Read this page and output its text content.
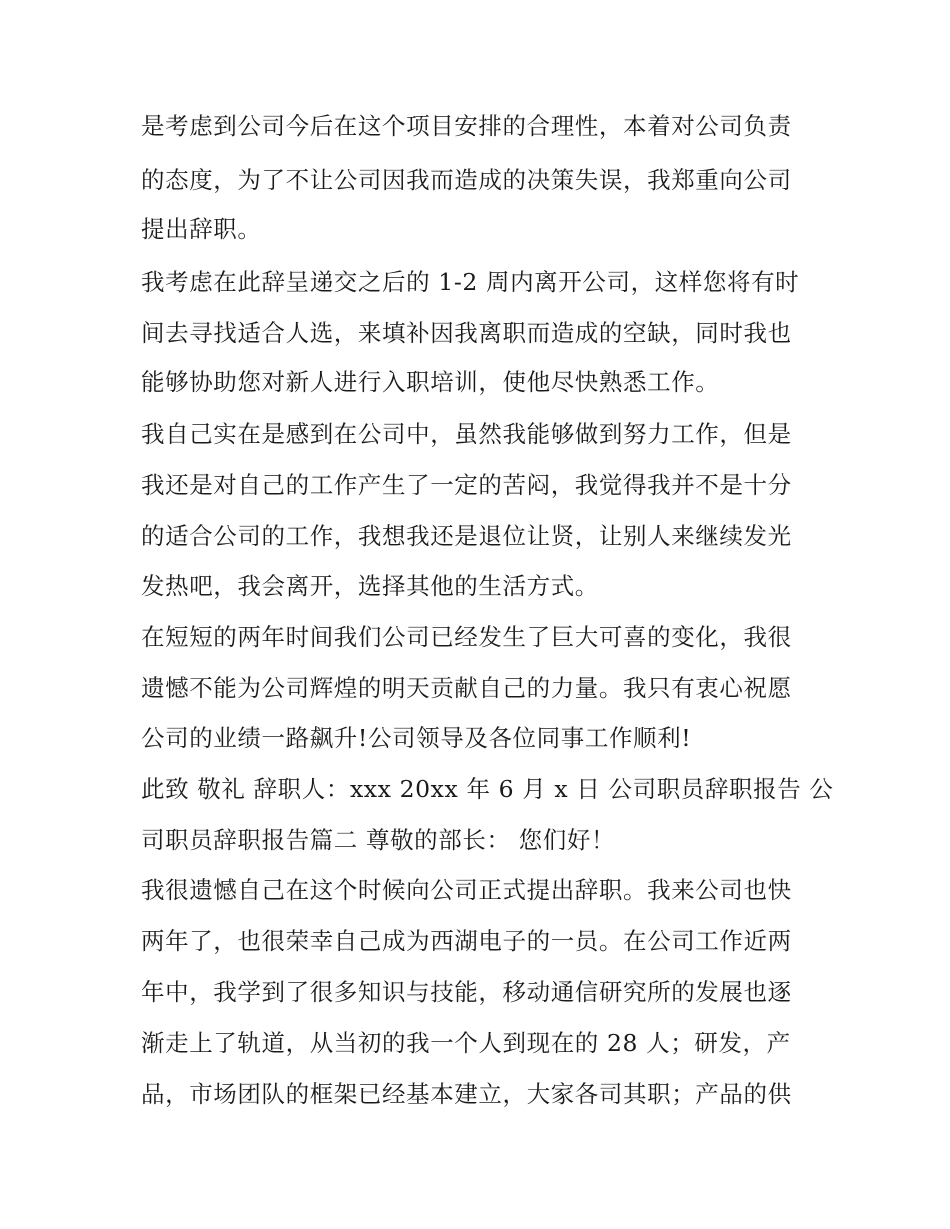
是考虑到公司今后在这个项目安排的合理性，本着对公司负责
的态度，为了不让公司因我而造成的决策失误，我郑重向公司
提出辞职。
我考虑在此辞呈递交之后的 1-2 周内离开公司，这样您将有时
间去寻找适合人选，来填补因我离职而造成的空缺，同时我也
能够协助您对新人进行入职培训，使他尽快熟悉工作。
我自己实在是感到在公司中，虽然我能够做到努力工作，但是
我还是对自己的工作产生了一定的苦闷，我觉得我并不是十分
的适合公司的工作，我想我还是退位让贤，让别人来继续发光
发热吧，我会离开，选择其他的生活方式。
在短短的两年时间我们公司已经发生了巨大可喜的变化，我很
遗憾不能为公司辉煌的明天贡献自己的力量。我只有衷心祝愿
公司的业绩一路飙升!公司领导及各位同事工作顺利!
此致 敬礼 辞职人：xxx 20xx 年 6 月 x 日 公司职员辞职报告 公
司职员辞职报告篇二 尊敬的部长： 您们好！
我很遗憾自己在这个时候向公司正式提出辞职。我来公司也快
两年了，也很荣幸自己成为西湖电子的一员。在公司工作近两
年中，我学到了很多知识与技能，移动通信研究所的发展也逐
渐走上了轨道，从当初的我一个人到现在的 28 人；研发，产
品，市场团队的框架已经基本建立，大家各司其职；产品的供
